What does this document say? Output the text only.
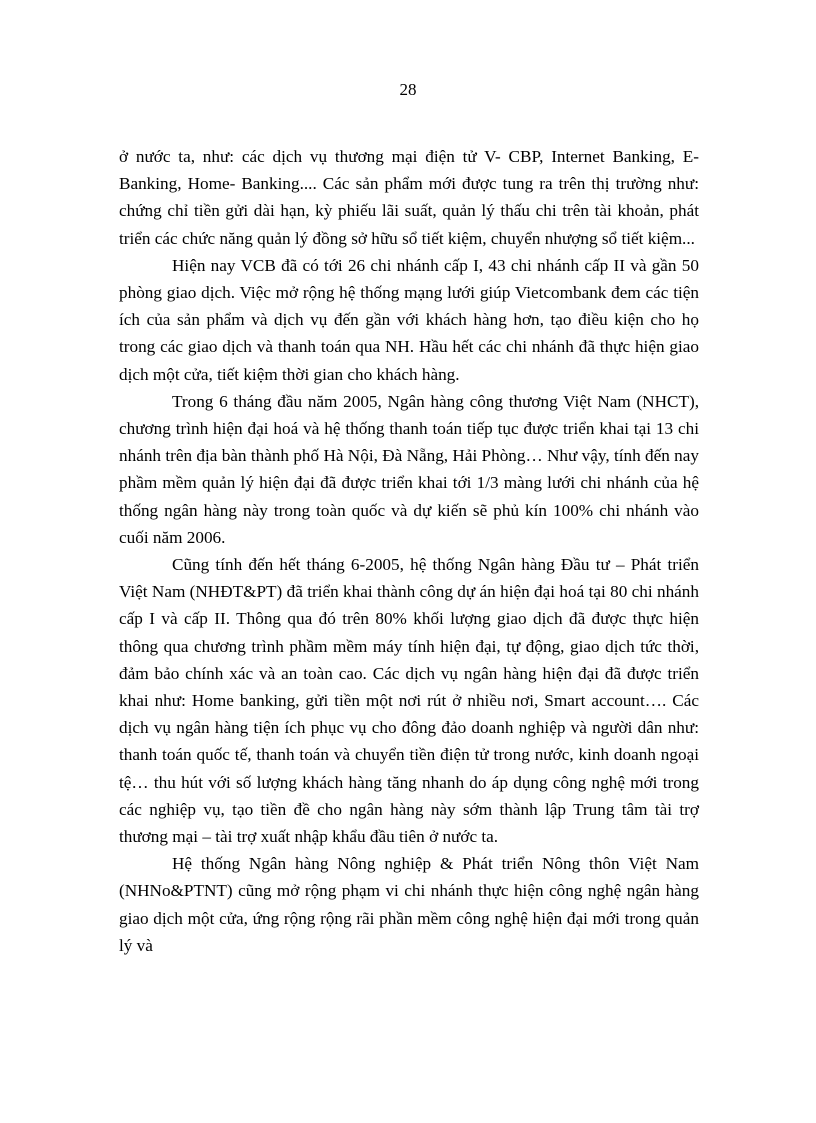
28

ở nước ta, như: các dịch vụ thương mại điện tử V- CBP, Internet Banking, E-Banking, Home- Banking.... Các sản phẩm mới được tung ra trên thị trường như: chứng chỉ tiền gửi dài hạn, kỳ phiếu lãi suất, quản lý thấu chi trên tài khoản, phát triển các chức năng quản lý đồng sở hữu sổ tiết kiệm, chuyển nhượng sổ tiết kiệm...

Hiện nay VCB đã có tới 26 chi nhánh cấp I, 43 chi nhánh cấp II và gần 50 phòng giao dịch. Việc mở rộng hệ thống mạng lưới giúp Vietcombank đem các tiện ích của sản phẩm và dịch vụ đến gần với khách hàng hơn, tạo điều kiện cho họ trong các giao dịch và thanh toán qua NH. Hầu hết các chi nhánh đã thực hiện giao dịch một cửa, tiết kiệm thời gian cho khách hàng.

Trong 6 tháng đầu năm 2005, Ngân hàng công thương Việt Nam (NHCT), chương trình hiện đại hoá và hệ thống thanh toán tiếp tục được triển khai tại 13 chi nhánh trên địa bàn thành phố Hà Nội, Đà Nẵng, Hải Phòng… Như vậy, tính đến nay phầm mềm quản lý hiện đại đã được triển khai tới 1/3 màng lưới chi nhánh của hệ thống ngân hàng này trong toàn quốc và dự kiến sẽ phủ kín 100% chi nhánh vào cuối năm 2006.

Cũng tính đến hết tháng 6-2005, hệ thống Ngân hàng Đầu tư – Phát triển Việt Nam (NHĐT&PT) đã triển khai thành công dự án hiện đại hoá tại 80 chi nhánh cấp I và cấp II. Thông qua đó trên 80% khối lượng giao dịch đã được thực hiện thông qua chương trình phầm mềm máy tính hiện đại, tự động, giao dịch tức thời, đảm bảo chính xác và an toàn cao. Các dịch vụ ngân hàng hiện đại đã được triển khai như: Home banking, gửi tiền một nơi rút ở nhiều nơi, Smart account…. Các dịch vụ ngân hàng tiện ích phục vụ cho đông đảo doanh nghiệp và người dân như: thanh toán quốc tế, thanh toán và chuyển tiền điện tử trong nước, kinh doanh ngoại tệ… thu hút với số lượng khách hàng tăng nhanh do áp dụng công nghệ mới trong các nghiệp vụ, tạo tiền đề cho ngân hàng này sớm thành lập Trung tâm tài trợ thương mại – tài trợ xuất nhập khẩu đầu tiên ở nước ta.

Hệ thống Ngân hàng Nông nghiệp & Phát triển Nông thôn Việt Nam (NHNo&PTNT) cũng mở rộng phạm vi chi nhánh thực hiện công nghệ ngân hàng giao dịch một cửa, ứng rộng rộng rãi phần mềm công nghệ hiện đại mới trong quản lý và
